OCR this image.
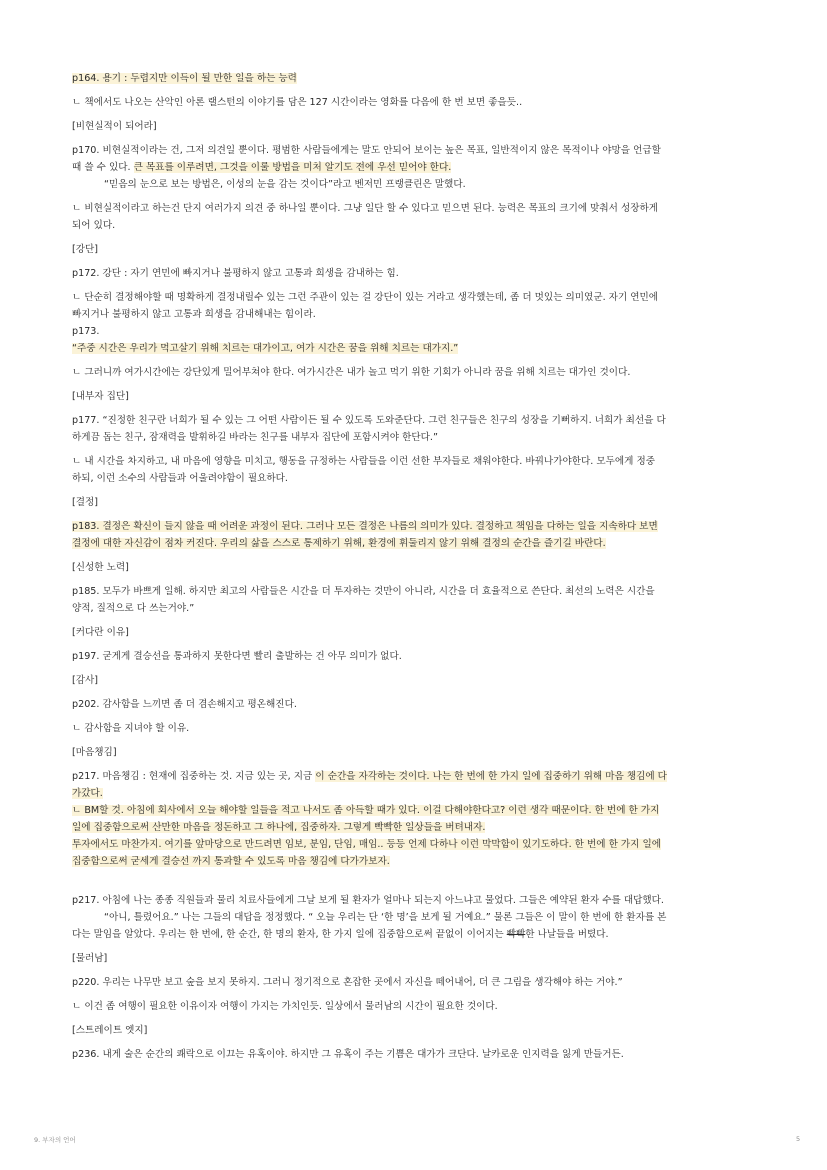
p164. 용기 : 두렵지만 이득이 될 만한 일을 하는 능력

ㄴ 책에서도 나오는 산악인 아론 랠스턴의 이야기를 담은 127 시간이라는 영화를 다음에 한 번 보면 좋을듯..

[비현실적이 되어라]

p170. 비현실적이라는 건, 그저 의견일 뿐이다. 평범한 사람들에게는 말도 안되어 보이는 높은 목표, 일반적이지 않은 목적이나 야망을 언급할

때 쓸 수 있다. 큰 목표를 이루려면, 그것을 이룰 방법을 미처 알기도 전에 우선 믿어야 한다.

“믿음의 눈으로 보는 방법은, 이성의 눈을 감는 것이다”라고 벤저민 프랭클린은 말했다.

ㄴ 비현실적이라고 하는건 단지 여러가지 의견 중 하나일 뿐이다. 그냥 일단 할 수 있다고 믿으면 된다. 능력은 목표의 크기에 맞춰서 성장하게

되어 있다.

[강단]

p172. 강단 : 자기 연민에 빠지거나 불평하지 않고 고통과 희생을 감내하는 힘.

ㄴ 단순히 결정해야할 때 명확하게 결정내릴수 있는 그런 주관이 있는 걸 강단이 있는 거라고 생각했는데, 좀 더 멋있는 의미였군. 자기 연민에

빠지거나 불평하지 않고 고통과 희생을 감내해내는 힘이라.

p173.

“주중 시간은 우리가 먹고살기 위해 치르는 대가이고, 여가 시간은 꿈을 위해 치르는 대가지.”

ㄴ 그러니까 여가시간에는 강단있게 밀어부쳐야 한다. 여가시간은 내가 놀고 먹기 위한 기회가 아니라 꿈을 위해 치르는 대가인 것이다.

[내부자 집단]

p177. “진정한 친구란 너희가 될 수 있는 그 어떤 사람이든 될 수 있도록 도와준단다. 그런 친구들은 친구의 성장을 기뻐하지. 너희가 최선을 다

하게끔 돕는 친구, 잠재력을 발휘하길 바라는 친구를 내부자 집단에 포함시켜야 한단다.”

ㄴ 내 시간을 차지하고, 내 마음에 영향을 미치고, 행동을 규정하는 사람들을 이런 선한 부자들로 채워야한다. 바꿔나가야한다. 모두에게 정중

하되, 이런 소수의 사람들과 어울려야함이 필요하다.

[결정]

p183. 결정은 확신이 들지 않을 때 어려운 과정이 된다. 그러나 모든 결정은 나름의 의미가 있다. 결정하고 책임을 다하는 일을 지속하다 보면

결정에 대한 자신감이 점차 커진다. 우리의 삶을 스스로 통제하기 위해, 환경에 휘둘리지 않기 위해 결정의 순간을 즐기길 바란다.

[신성한 노력]

p185. 모두가 바쁘게 일해. 하지만 최고의 사람들은 시간을 더 투자하는 것만이 아니라, 시간을 더 효율적으로 쓴단다. 최선의 노력은 시간을

양적, 질적으로 다 쓰는거야.”

[커다란 이유]

p197. 굳게게 결승선을 통과하지 못한다면 빨리 출발하는 건 아무 의미가 없다.

[감사]

p202. 감사함을 느끼면 좀 더 겸손해지고 평온해진다.

ㄴ 감사함을 지녀야 할 이유.

[마음챙김]

p217. 마음챙김 : 현재에 집중하는 것. 지금 있는 곳, 지금 이 순간을 자각하는 것이다. 나는 한 번에 한 가지 일에 집중하기 위해 마음 챙김에 다

가갔다.

ㄴ BM할 것. 아침에 회사에서 오늘 해야할 일들을 적고 나서도 좀 아득할 때가 있다. 이걸 다해야한다고? 이런 생각 때문이다. 한 번에 한 가지

일에 집중함으로써 산만한 마음을 정돈하고 그 하나에, 집중하자. 그렇게 빡빡한 일상들을 버텨내자.

투자에서도 마찬가지. 여기를 앞마당으로 만드려면 임보, 분임, 단임, 매임.. 등등 언제 다하나 이런 막막함이 있기도하다. 한 번에 한 가지 일에

집중함으로써 굳세게 결승선 까지 통과할 수 있도록 마음 챙김에 다가가보자.

p217. 아침에 나는 종종 직원들과 물리 치료사들에게 그날 보게 될 환자가 얼마나 되는지 아느냐고 물었다. 그들은 예약된 환자 수를 대답했다.

“아니, 틀렸어요.” 나는 그들의 대답을 정정했다. “ 오늘 우리는 단 ‘한 명’을 보게 될 거예요.” 물론 그들은 이 말이 한 번에 한 환자를 본

다는 말임을 알았다. 우리는 한 번에, 한 순간, 한 명의 환자, 한 가지 일에 집중함으로써 끝없이 이어지는 빡빡한 나날들을 버텼다.

[물러남]

p220. 우리는 나무만 보고 숲을 보지 못하지. 그러니 정기적으로 혼잡한 곳에서 자신을 떼어내어, 더 큰 그림을 생각해야 하는 거야.”

ㄴ 이건 좀 여행이 필요한 이유이자 여행이 가지는 가치인듯. 일상에서 물러남의 시간이 필요한 것이다.

[스트레이트 엣지]

p236. 내게 술은 순간의 쾌락으로 이끄는 유혹이야. 하지만 그 유혹이 주는 기쁨은 대가가 크단다. 날카로운 인지력을 잃게 만들거든.

9. 부자의 언어	5
